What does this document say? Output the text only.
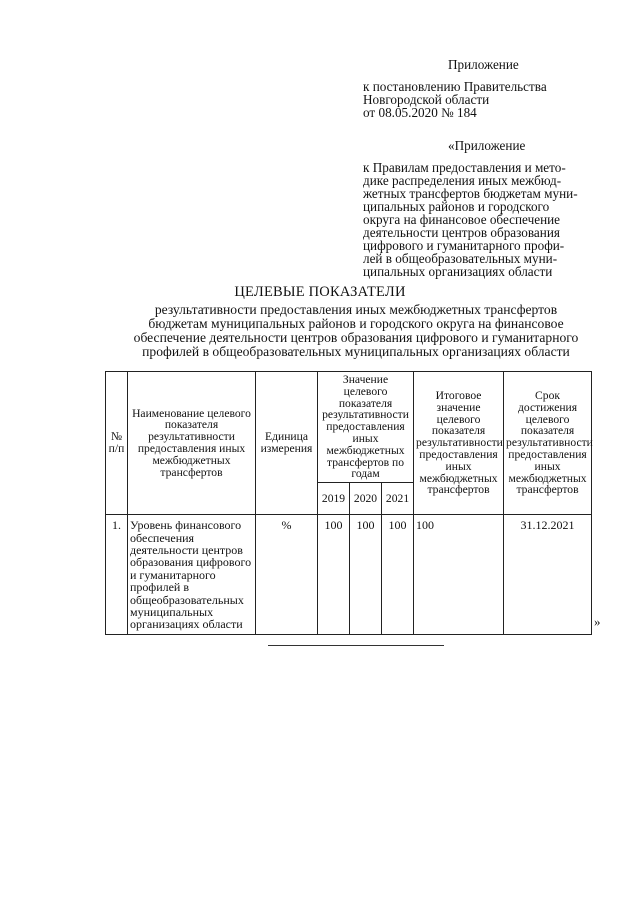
Приложение
к постановлению Правительства
Новгородской области
от 08.05.2020 № 184
«Приложение
к Правилам предоставления и мето-
дике распределения иных межбюд-
жетных трансфертов бюджетам муни-
ципальных районов и городского
округа на финансовое обеспечение
деятельности центров образования
цифрового и гуманитарного профи-
лей в общеобразовательных муни-
ципальных организациях области
ЦЕЛЕВЫЕ ПОКАЗАТЕЛИ
результативности предоставления иных межбюджетных трансфертов
бюджетам муниципальных районов и городского округа на финансовое
обеспечение деятельности центров образования цифрового и гуманитарного
профилей в общеобразовательных муниципальных организациях области
№ п/п	Наименование целевого показателя результативности предоставления иных межбюджетных трансфертов	Единица измерения	Значение целевого показателя результативности предоставления иных межбюджетных трансфертов по годам			Итоговое значение целевого показателя результативности предоставления иных межбюджетных трансфертов	Срок достижения целевого показателя результативности предоставления иных межбюджетных трансфертов
			2019	2020	2021		
1.	Уровень финансового обеспечения деятельности центров образования цифрового и гуманитарного профилей в общеобразовательных муниципальных организациях области	%	100	100	100	100	31.12.2021
»
